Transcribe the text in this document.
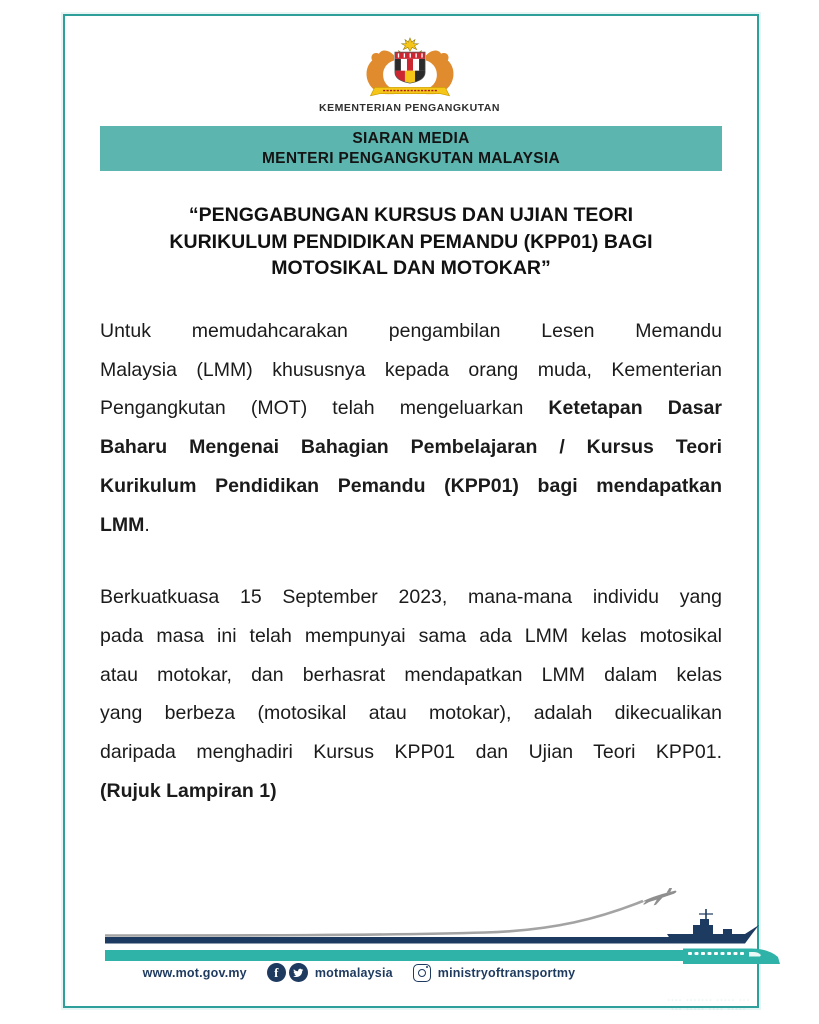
KEMENTERIAN PENGANGKUTAN
SIARAN MEDIA
MENTERI PENGANGKUTAN MALAYSIA
“PENGGABUNGAN KURSUS DAN UJIAN TEORI
KURIKULUM PENDIDIKAN PEMANDU (KPP01) BAGI
MOTOSIKAL DAN MOTOKAR”
Untuk memudahcarakan pengambilan Lesen Memandu
Malaysia (LMM) khususnya kepada orang muda, Kementerian
Pengangkutan (MOT) telah mengeluarkan Ketetapan Dasar
Baharu Mengenai Bahagian Pembelajaran / Kursus Teori
Kurikulum Pendidikan Pemandu (KPP01) bagi mendapatkan
LMM.
Berkuatkuasa 15 September 2023, mana-mana individu yang
pada masa ini telah mempunyai sama ada LMM kelas motosikal
atau motokar, dan berhasrat mendapatkan LMM dalam kelas
yang berbeza (motosikal atau motokar), adalah dikecualikan
daripada menghadiri Kursus KPP01 dan Ujian Teori KPP01.
(Rujuk Lampiran 1)
www.mot.gov.my f	motmalaysia	ministryoftransportmy
···· ······· ····· ···
··· ····· ···· ·····
